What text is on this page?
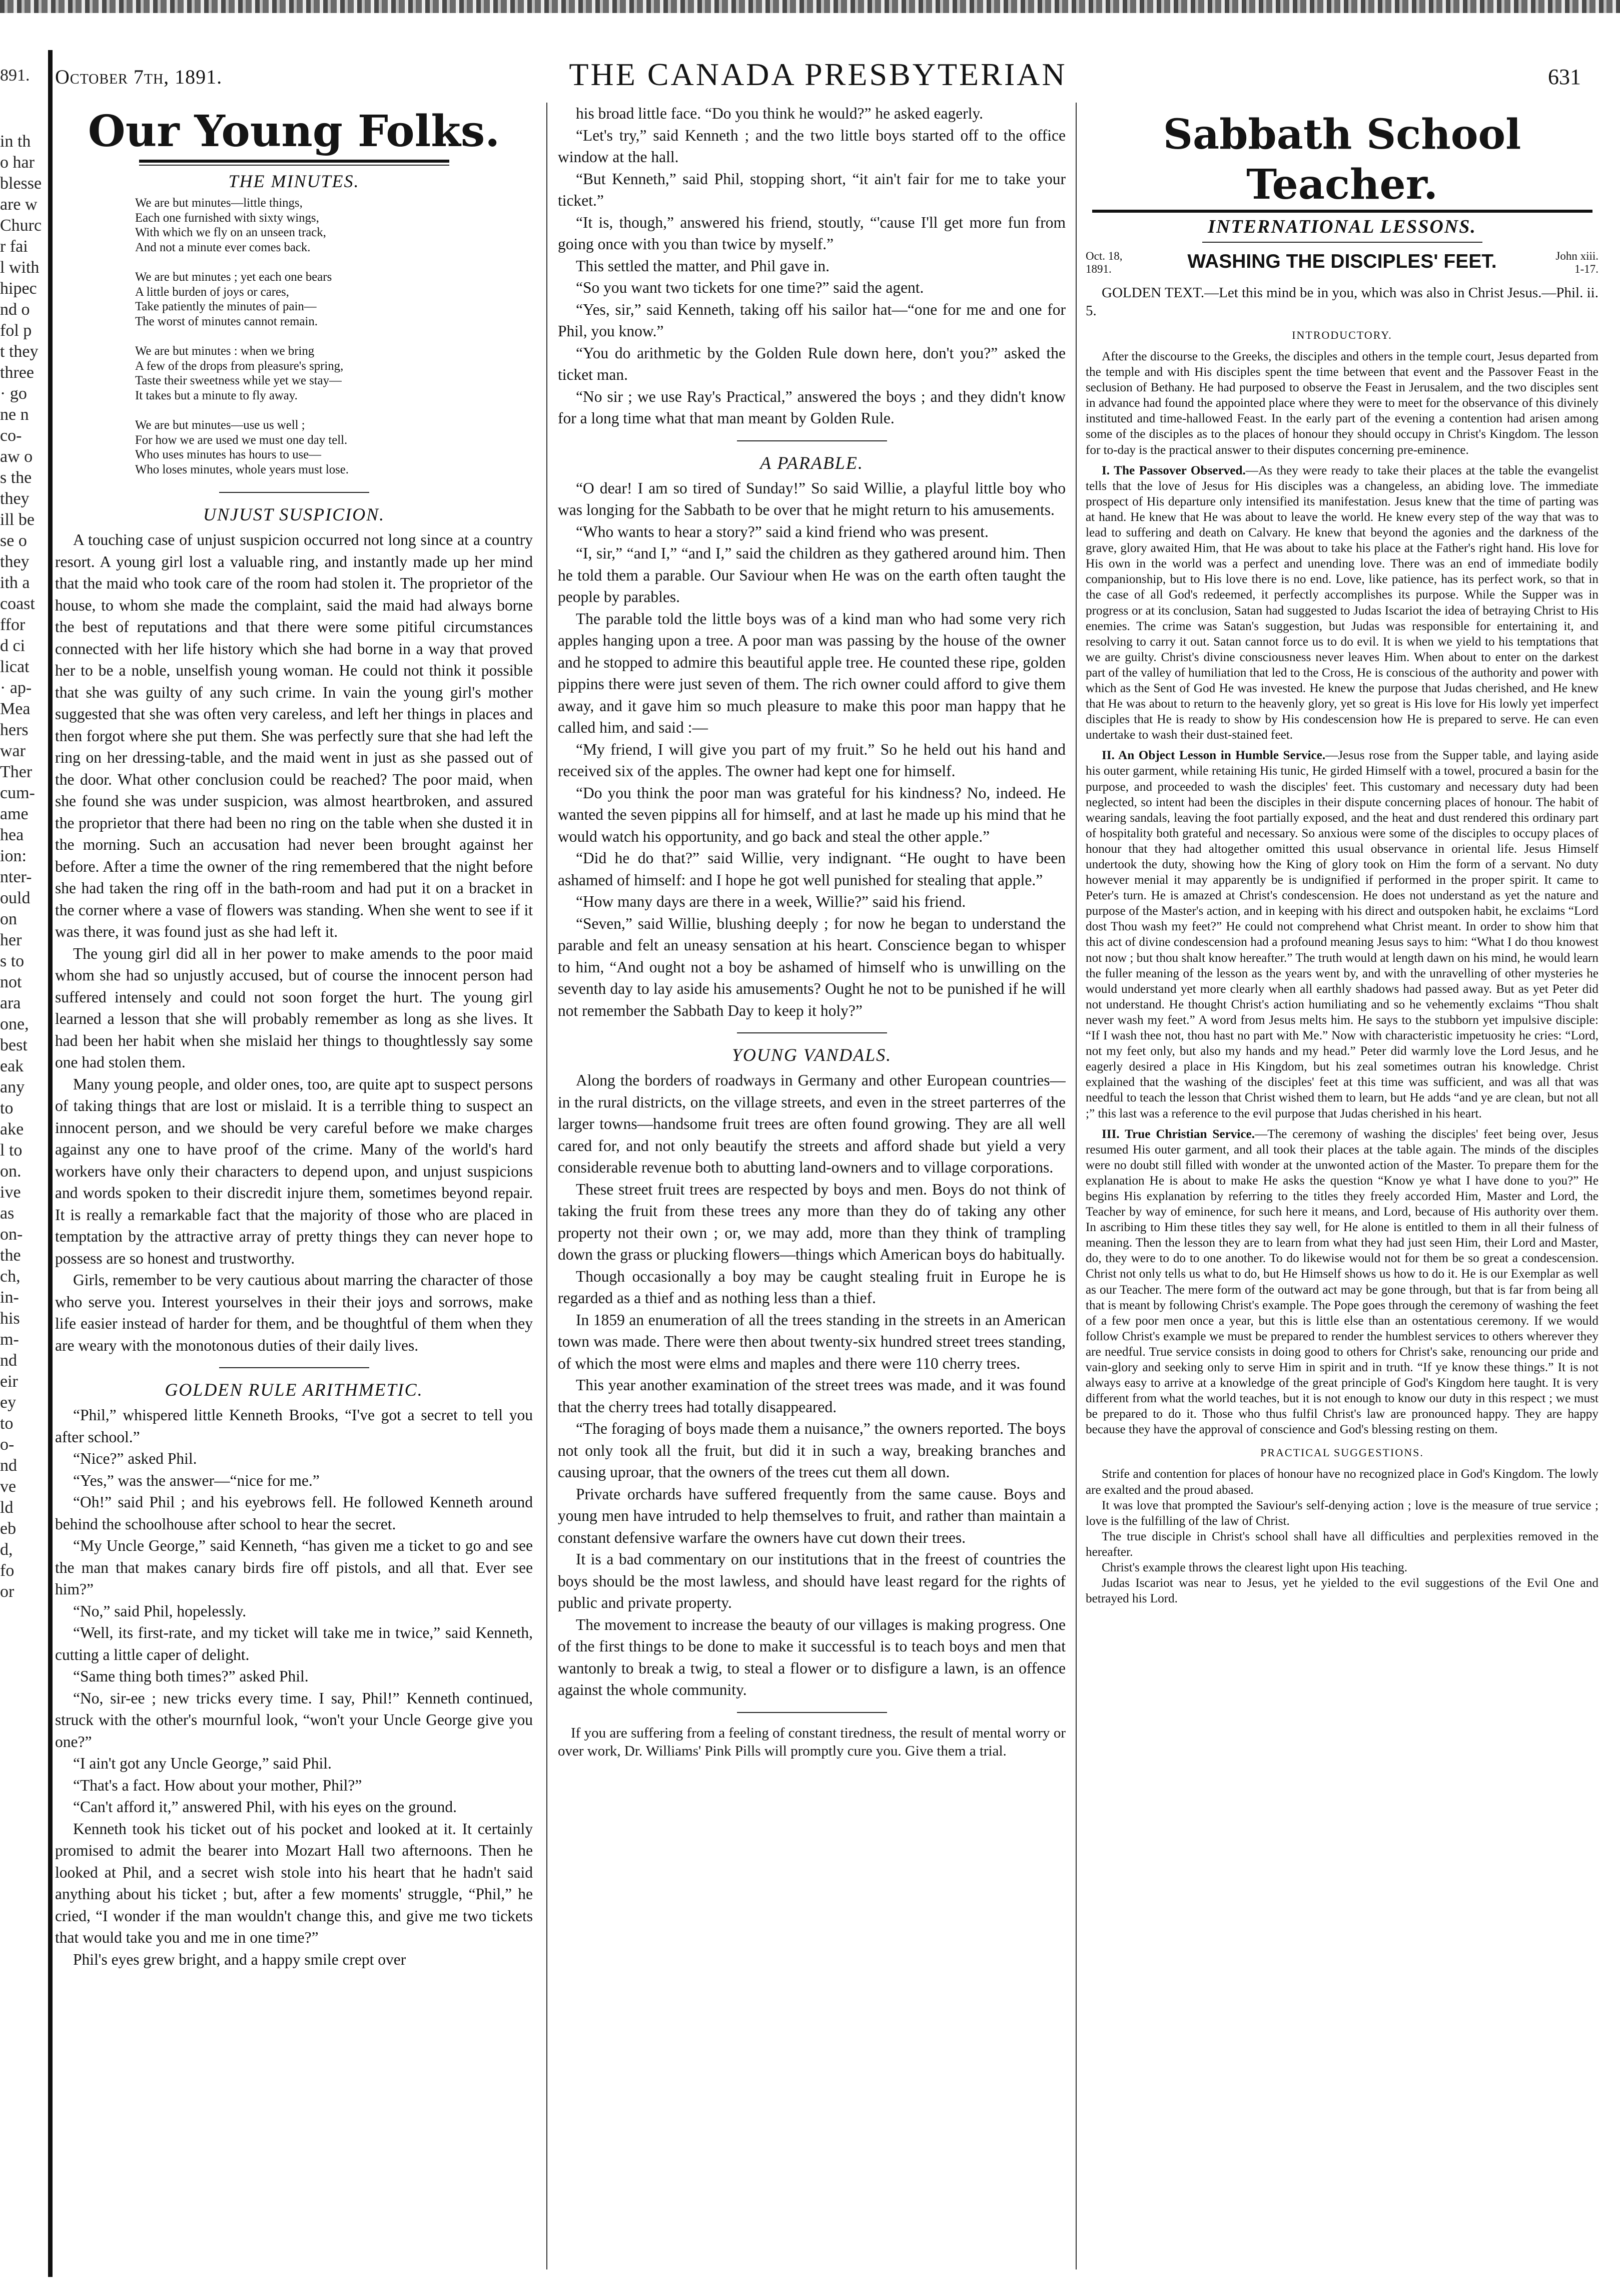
891.
in th
o har
blesse
are w
Churc
r fai
l with
hipec
nd o
fol p
t they
three
· go
ne n
co-
aw o
s the
they
ill be
se o
they
ith a
coast
ffor
d ci
licat
· ap-
Mea
hers
war
Ther
cum-
ame
hea
ion:
nter-
ould
on
her
s to
not
ara
one,
best
eak
any
to
ake
l to
on.
ive
as
on-
the
ch,
in-
his
m-
nd
eir
ey
to
o-
nd
ve
ld
eb
d,
fo
or
October 7th, 1891.	THE CANADA PRESBYTERIAN	631
Our Young Folks.
THE MINUTES.
We are but minutes—little things,
Each one furnished with sixty wings,
With which we fly on an unseen track,
And not a minute ever comes back.
We are but minutes ; yet each one bears
A little burden of joys or cares,
Take patiently the minutes of pain—
The worst of minutes cannot remain.
We are but minutes : when we bring
A few of the drops from pleasure's spring,
Taste their sweetness while yet we stay—
It takes but a minute to fly away.
We are but minutes—use us well ;
For how we are used we must one day tell.
Who uses minutes has hours to use—
Who loses minutes, whole years must lose.
UNJUST SUSPICION.

A touching case of unjust suspicion occurred not long since at a country resort. A young girl lost a valuable ring, and instantly made up her mind that the maid who took care of the room had stolen it. The proprietor of the house, to whom she made the complaint, said the maid had always borne the best of reputations and that there were some pitiful circumstances connected with her life history which she had borne in a way that proved her to be a noble, unselfish young woman. He could not think it possible that she was guilty of any such crime. In vain the young girl's mother suggested that she was often very careless, and left her things in places and then forgot where she put them. She was perfectly sure that she had left the ring on her dressing-table, and the maid went in just as she passed out of the door. What other conclusion could be reached? The poor maid, when she found she was under suspicion, was almost heartbroken, and assured the proprietor that there had been no ring on the table when she dusted it in the morning. Such an accusation had never been brought against her before. After a time the owner of the ring remembered that the night before she had taken the ring off in the bath-room and had put it on a bracket in the corner where a vase of flowers was standing. When she went to see if it was there, it was found just as she had left it.

The young girl did all in her power to make amends to the poor maid whom she had so unjustly accused, but of course the innocent person had suffered intensely and could not soon forget the hurt. The young girl learned a lesson that she will probably remember as long as she lives. It had been her habit when she mislaid her things to thoughtlessly say some one had stolen them.

Many young people, and older ones, too, are quite apt to suspect persons of taking things that are lost or mislaid. It is a terrible thing to suspect an innocent person, and we should be very careful before we make charges against any one to have proof of the crime. Many of the world's hard workers have only their characters to depend upon, and unjust suspicions and words spoken to their discredit injure them, sometimes beyond repair. It is really a remarkable fact that the majority of those who are placed in temptation by the attractive array of pretty things they can never hope to possess are so honest and trustworthy.

Girls, remember to be very cautious about marring the character of those who serve you. Interest yourselves in their their joys and sorrows, make life easier instead of harder for them, and be thoughtful of them when they are weary with the monotonous duties of their daily lives.

GOLDEN RULE ARITHMETIC.

“Phil,” whispered little Kenneth Brooks, “I've got a secret to tell you after school.”

“Nice?” asked Phil.

“Yes,” was the answer—“nice for me.”

“Oh!” said Phil ; and his eyebrows fell. He followed Kenneth around behind the schoolhouse after school to hear the secret.

“My Uncle George,” said Kenneth, “has given me a ticket to go and see the man that makes canary birds fire off pistols, and all that. Ever see him?”

“No,” said Phil, hopelessly.

“Well, its first-rate, and my ticket will take me in twice,” said Kenneth, cutting a little caper of delight.

“Same thing both times?” asked Phil.

“No, sir-ee ; new tricks every time. I say, Phil!” Kenneth continued, struck with the other's mournful look, “won't your Uncle George give you one?”

“I ain't got any Uncle George,” said Phil.

“That's a fact. How about your mother, Phil?”

“Can't afford it,” answered Phil, with his eyes on the ground.

Kenneth took his ticket out of his pocket and looked at it. It certainly promised to admit the bearer into Mozart Hall two afternoons. Then he looked at Phil, and a secret wish stole into his heart that he hadn't said anything about his ticket ; but, after a few moments' struggle, “Phil,” he cried, “I wonder if the man wouldn't change this, and give me two tickets that would take you and me in one time?”

Phil's eyes grew bright, and a happy smile crept over

his broad little face. “Do you think he would?” he asked eagerly.

“Let's try,” said Kenneth ; and the two little boys started off to the office window at the hall.

“But Kenneth,” said Phil, stopping short, “it ain't fair for me to take your ticket.”

“It is, though,” answered his friend, stoutly, “'cause I'll get more fun from going once with you than twice by myself.”

This settled the matter, and Phil gave in.

“So you want two tickets for one time?” said the agent.

“Yes, sir,” said Kenneth, taking off his sailor hat—“one for me and one for Phil, you know.”

“You do arithmetic by the Golden Rule down here, don't you?” asked the ticket man.

“No sir ; we use Ray's Practical,” answered the boys ; and they didn't know for a long time what that man meant by Golden Rule.

A PARABLE.

“O dear! I am so tired of Sunday!” So said Willie, a playful little boy who was longing for the Sabbath to be over that he might return to his amusements.

“Who wants to hear a story?” said a kind friend who was present.

“I, sir,” “and I,” “and I,” said the children as they gathered around him. Then he told them a parable. Our Saviour when He was on the earth often taught the people by parables.

The parable told the little boys was of a kind man who had some very rich apples hanging upon a tree. A poor man was passing by the house of the owner and he stopped to admire this beautiful apple tree. He counted these ripe, golden pippins there were just seven of them. The rich owner could afford to give them away, and it gave him so much pleasure to make this poor man happy that he called him, and said :—

“My friend, I will give you part of my fruit.” So he held out his hand and received six of the apples. The owner had kept one for himself.

“Do you think the poor man was grateful for his kindness? No, indeed. He wanted the seven pippins all for himself, and at last he made up his mind that he would watch his opportunity, and go back and steal the other apple.”

“Did he do that?” said Willie, very indignant. “He ought to have been ashamed of himself: and I hope he got well punished for stealing that apple.”

“How many days are there in a week, Willie?” said his friend.

“Seven,” said Willie, blushing deeply ; for now he began to understand the parable and felt an uneasy sensation at his heart. Conscience began to whisper to him, “And ought not a boy be ashamed of himself who is unwilling on the seventh day to lay aside his amusements? Ought he not to be punished if he will not remember the Sabbath Day to keep it holy?”

YOUNG VANDALS.

Along the borders of roadways in Germany and other European countries—in the rural districts, on the village streets, and even in the street parterres of the larger towns—handsome fruit trees are often found growing. They are all well cared for, and not only beautify the streets and afford shade but yield a very considerable revenue both to abutting land-owners and to village corporations.

These street fruit trees are respected by boys and men. Boys do not think of taking the fruit from these trees any more than they do of taking any other property not their own ; or, we may add, more than they think of trampling down the grass or plucking flowers—things which American boys do habitually.

Though occasionally a boy may be caught stealing fruit in Europe he is regarded as a thief and as nothing less than a thief.

In 1859 an enumeration of all the trees standing in the streets in an American town was made. There were then about twenty-six hundred street trees standing, of which the most were elms and maples and there were 110 cherry trees.

This year another examination of the street trees was made, and it was found that the cherry trees had totally disappeared.

“The foraging of boys made them a nuisance,” the owners reported. The boys not only took all the fruit, but did it in such a way, breaking branches and causing uproar, that the owners of the trees cut them all down.

Private orchards have suffered frequently from the same cause. Boys and young men have intruded to help themselves to fruit, and rather than maintain a constant defensive warfare the owners have cut down their trees.

It is a bad commentary on our institutions that in the freest of countries the boys should be the most lawless, and should have least regard for the rights of public and private property.

The movement to increase the beauty of our villages is making progress. One of the first things to be done to make it successful is to teach boys and men that wantonly to break a twig, to steal a flower or to disfigure a lawn, is an offence against the whole community.

If you are suffering from a feeling of constant tiredness, the result of mental worry or over work, Dr. Williams' Pink Pills will promptly cure you. Give them a trial.

Sabbath School Teacher.
INTERNATIONAL LESSONS.
Oct. 18,
1891.	WASHING THE DISCIPLES' FEET.	John xiii.
1-17.

GOLDEN TEXT.—Let this mind be in you, which was also in Christ Jesus.—Phil. ii. 5.

INTRODUCTORY.

After the discourse to the Greeks, the disciples and others in the temple court, Jesus departed from the temple and with His disciples spent the time between that event and the Passover Feast in the seclusion of Bethany. He had purposed to observe the Feast in Jerusalem, and the two disciples sent in advance had found the appointed place where they were to meet for the observance of this divinely instituted and time-hallowed Feast. In the early part of the evening a contention had arisen among some of the disciples as to the places of honour they should occupy in Christ's Kingdom. The lesson for to-day is the practical answer to their disputes concerning pre-eminence.

I. The Passover Observed.—As they were ready to take their places at the table the evangelist tells that the love of Jesus for His disciples was a changeless, an abiding love. The immediate prospect of His departure only intensified its manifestation. Jesus knew that the time of parting was at hand. He knew that He was about to leave the world. He knew every step of the way that was to lead to suffering and death on Calvary. He knew that beyond the agonies and the darkness of the grave, glory awaited Him, that He was about to take his place at the Father's right hand. His love for His own in the world was a perfect and unending love. There was an end of immediate bodily companionship, but to His love there is no end. Love, like patience, has its perfect work, so that in the case of all God's redeemed, it perfectly accomplishes its purpose. While the Supper was in progress or at its conclusion, Satan had suggested to Judas Iscariot the idea of betraying Christ to His enemies. The crime was Satan's suggestion, but Judas was responsible for entertaining it, and resolving to carry it out. Satan cannot force us to do evil. It is when we yield to his temptations that we are guilty. Christ's divine consciousness never leaves Him. When about to enter on the darkest part of the valley of humiliation that led to the Cross, He is conscious of the authority and power with which as the Sent of God He was invested. He knew the purpose that Judas cherished, and He knew that He was about to return to the heavenly glory, yet so great is His love for His lowly yet imperfect disciples that He is ready to show by His condescension how He is prepared to serve. He can even undertake to wash their dust-stained feet.

II. An Object Lesson in Humble Service.—Jesus rose from the Supper table, and laying aside his outer garment, while retaining His tunic, He girded Himself with a towel, procured a basin for the purpose, and proceeded to wash the disciples' feet. This customary and necessary duty had been neglected, so intent had been the disciples in their dispute concerning places of honour. The habit of wearing sandals, leaving the foot partially exposed, and the heat and dust rendered this ordinary part of hospitality both grateful and necessary. So anxious were some of the disciples to occupy places of honour that they had altogether omitted this usual observance in oriental life. Jesus Himself undertook the duty, showing how the King of glory took on Him the form of a servant. No duty however menial it may apparently be is undignified if performed in the proper spirit. It came to Peter's turn. He is amazed at Christ's condescension. He does not understand as yet the nature and purpose of the Master's action, and in keeping with his direct and outspoken habit, he exclaims “Lord dost Thou wash my feet?” He could not comprehend what Christ meant. In order to show him that this act of divine condescension had a profound meaning Jesus says to him: “What I do thou knowest not now ; but thou shalt know hereafter.” The truth would at length dawn on his mind, he would learn the fuller meaning of the lesson as the years went by, and with the unravelling of other mysteries he would understand yet more clearly when all earthly shadows had passed away. But as yet Peter did not understand. He thought Christ's action humiliating and so he vehemently exclaims “Thou shalt never wash my feet.” A word from Jesus melts him. He says to the stubborn yet impulsive disciple: “If I wash thee not, thou hast no part with Me.” Now with characteristic impetuosity he cries: “Lord, not my feet only, but also my hands and my head.” Peter did warmly love the Lord Jesus, and he eagerly desired a place in His Kingdom, but his zeal sometimes outran his knowledge. Christ explained that the washing of the disciples' feet at this time was sufficient, and was all that was needful to teach the lesson that Christ wished them to learn, but He adds “and ye are clean, but not all ;” this last was a reference to the evil purpose that Judas cherished in his heart.

III. True Christian Service.—The ceremony of washing the disciples' feet being over, Jesus resumed His outer garment, and all took their places at the table again. The minds of the disciples were no doubt still filled with wonder at the unwonted action of the Master. To prepare them for the explanation He is about to make He asks the question “Know ye what I have done to you?” He begins His explanation by referring to the titles they freely accorded Him, Master and Lord, the Teacher by way of eminence, for such here it means, and Lord, because of His authority over them. In ascribing to Him these titles they say well, for He alone is entitled to them in all their fulness of meaning. Then the lesson they are to learn from what they had just seen Him, their Lord and Master, do, they were to do to one another. To do likewise would not for them be so great a condescension. Christ not only tells us what to do, but He Himself shows us how to do it. He is our Exemplar as well as our Teacher. The mere form of the outward act may be gone through, but that is far from being all that is meant by following Christ's example. The Pope goes through the ceremony of washing the feet of a few poor men once a year, but this is little else than an ostentatious ceremony. If we would follow Christ's example we must be prepared to render the humblest services to others wherever they are needful. True service consists in doing good to others for Christ's sake, renouncing our pride and vain-glory and seeking only to serve Him in spirit and in truth. “If ye know these things.” It is not always easy to arrive at a knowledge of the great principle of God's Kingdom here taught. It is very different from what the world teaches, but it is not enough to know our duty in this respect ; we must be prepared to do it. Those who thus fulfil Christ's law are pronounced happy. They are happy because they have the approval of conscience and God's blessing resting on them.

PRACTICAL SUGGESTIONS.

Strife and contention for places of honour have no recognized place in God's Kingdom. The lowly are exalted and the proud abased.

It was love that prompted the Saviour's self-denying action ; love is the measure of true service ; love is the fulfilling of the law of Christ.

The true disciple in Christ's school shall have all difficulties and perplexities removed in the hereafter.

Christ's example throws the clearest light upon His teaching.

Judas Iscariot was near to Jesus, yet he yielded to the evil suggestions of the Evil One and betrayed his Lord.
